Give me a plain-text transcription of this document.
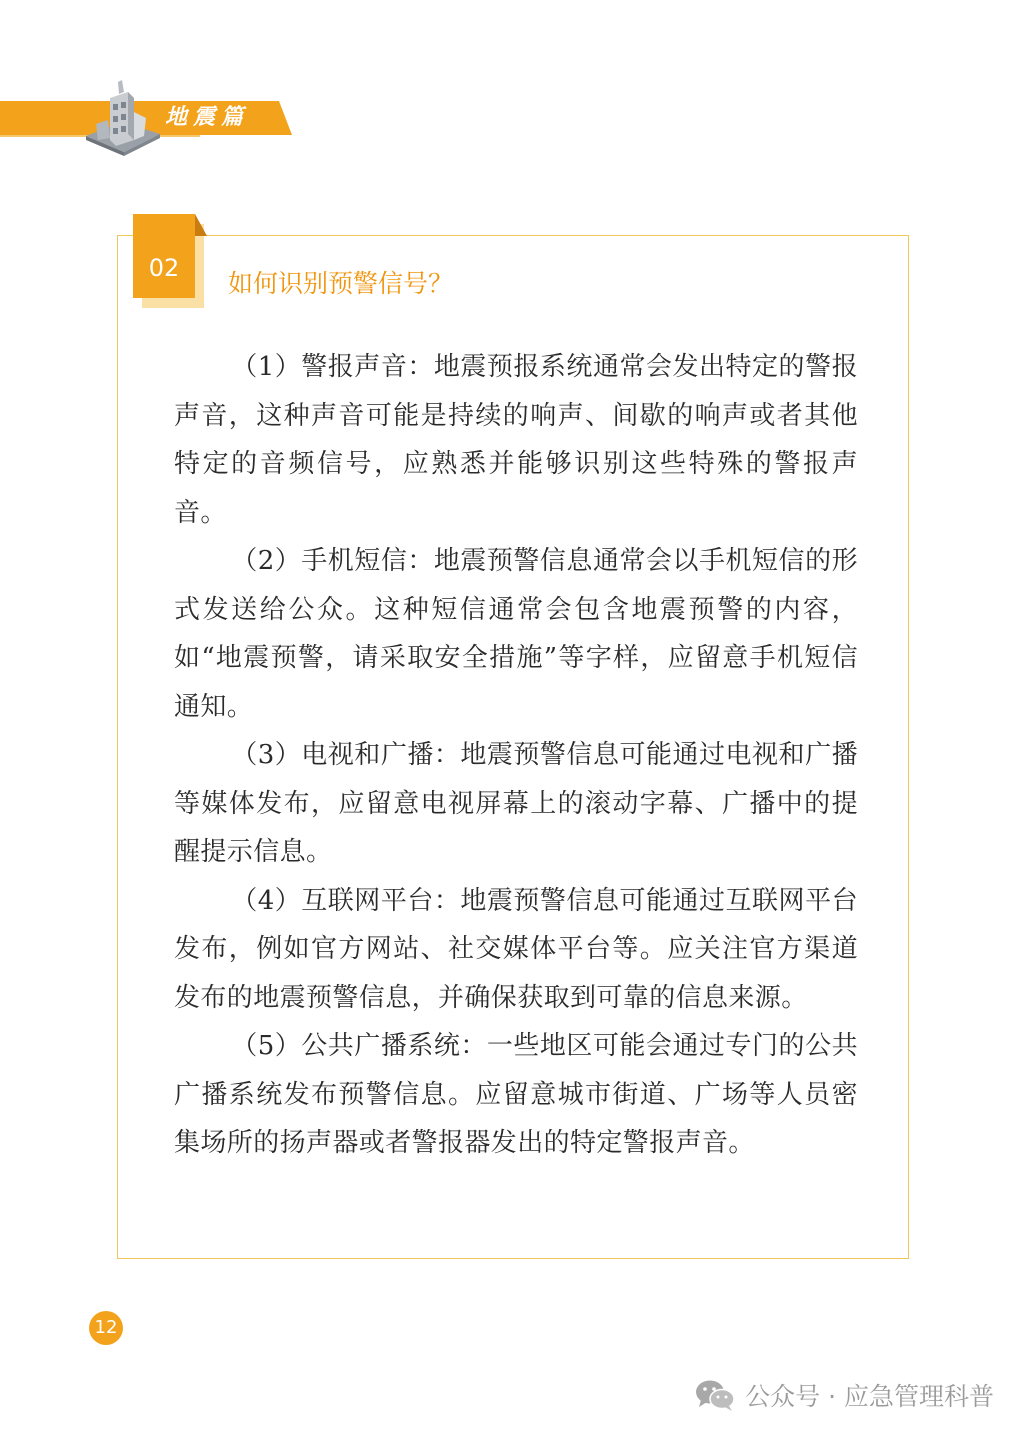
地震篇
02
如何识别预警信号？

（1）警报声音：地震预报系统通常会发出特定的警报声音，这种声音可能是持续的响声、间歇的响声或者其他特定的音频信号，应熟悉并能够识别这些特殊的警报声音。

（2）手机短信：地震预警信息通常会以手机短信的形式发送给公众。这种短信通常会包含地震预警的内容，如“地震预警，请采取安全措施”等字样，应留意手机短信通知。

（3）电视和广播：地震预警信息可能通过电视和广播等媒体发布，应留意电视屏幕上的滚动字幕、广播中的提醒提示信息。

（4）互联网平台：地震预警信息可能通过互联网平台发布，例如官方网站、社交媒体平台等。应关注官方渠道发布的地震预警信息，并确保获取到可靠的信息来源。

（5）公共广播系统：一些地区可能会通过专门的公共广播系统发布预警信息。应留意城市街道、广场等人员密集场所的扬声器或者警报器发出的特定警报声音。

12
公众号 · 应急管理科普
